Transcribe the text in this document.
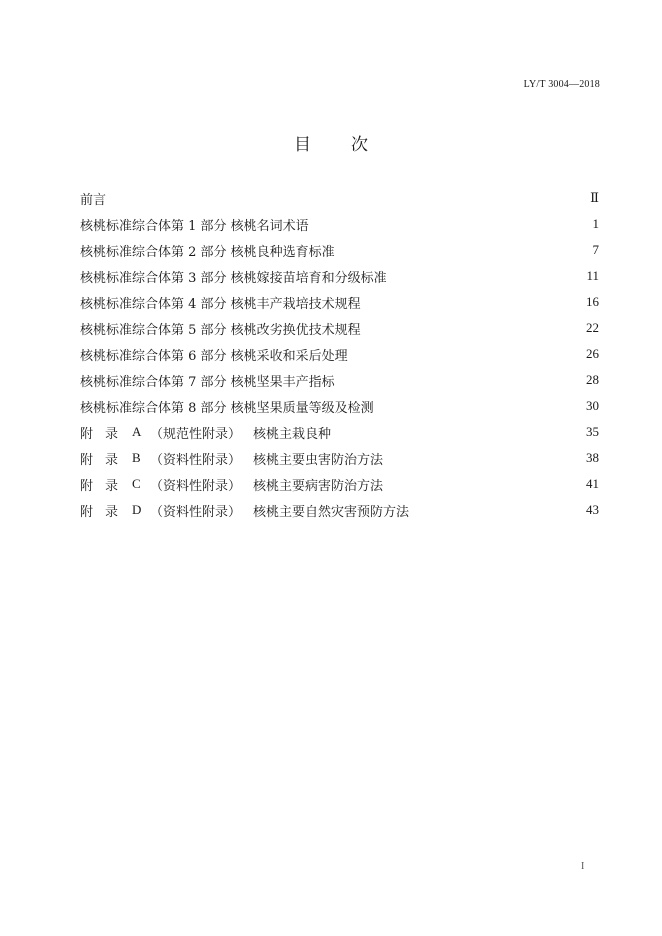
LY/T 3004—2018
目次
前言	Ⅱ
核桃标准综合体第 1 部分 核桃名词术语	1
核桃标准综合体第 2 部分 核桃良种选育标准	7
核桃标准综合体第 3 部分 核桃嫁接苗培育和分级标准	11
核桃标准综合体第 4 部分 核桃丰产栽培技术规程	16
核桃标准综合体第 5 部分 核桃改劣换优技术规程	22
核桃标准综合体第 6 部分 核桃采收和采后处理	26
核桃标准综合体第 7 部分 核桃坚果丰产指标	28
核桃标准综合体第 8 部分 核桃坚果质量等级及检测	30
附录 A （规范性附录） 核桃主栽良种	35
附录 B （资料性附录） 核桃主要虫害防治方法	38
附录 C （资料性附录） 核桃主要病害防治方法	41
附录 D （资料性附录） 核桃主要自然灾害预防方法	43
I
